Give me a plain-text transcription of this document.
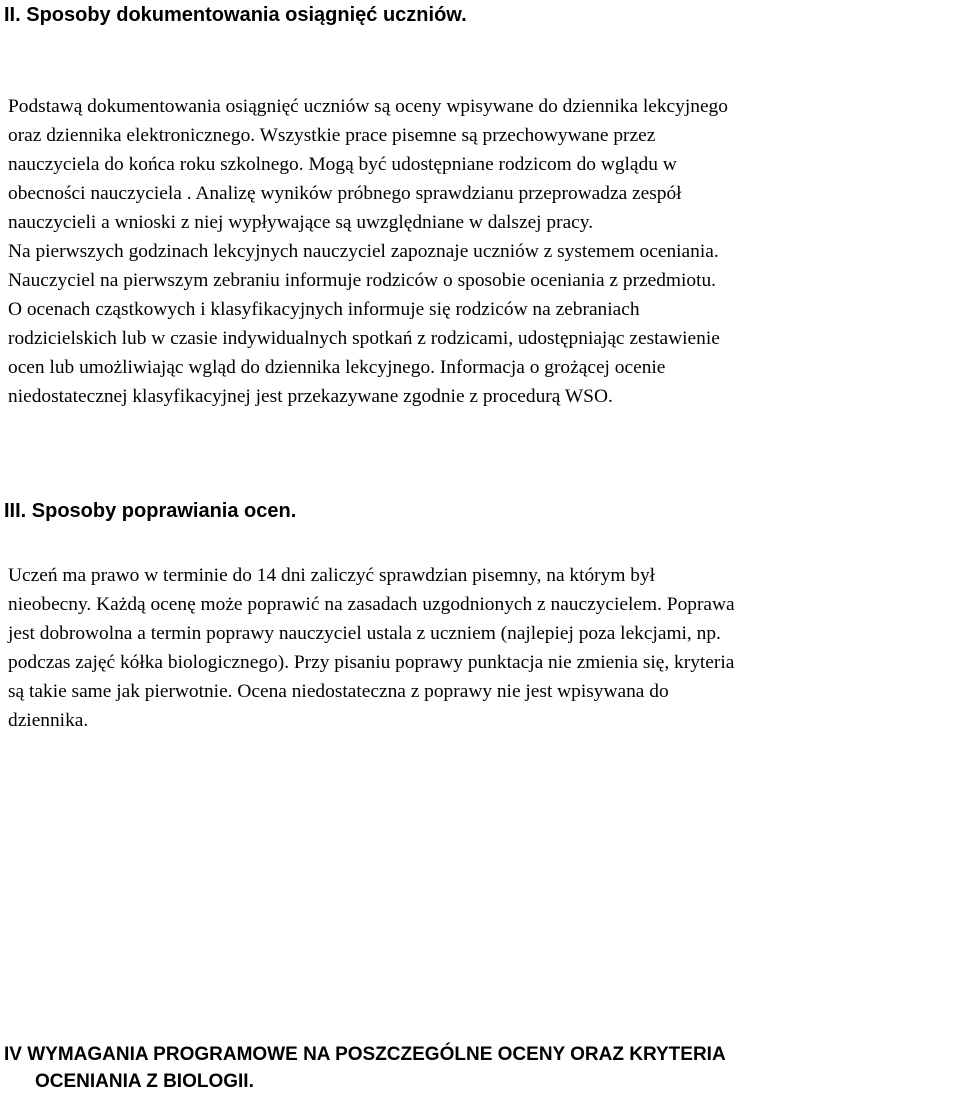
II. Sposoby dokumentowania osiągnięć uczniów.

Podstawą dokumentowania osiągnięć uczniów są oceny wpisywane do dziennika lekcyjnego
oraz dziennika elektronicznego. Wszystkie prace pisemne są przechowywane przez
nauczyciela do końca roku szkolnego. Mogą być udostępniane rodzicom do wglądu w
obecności nauczyciela . Analizę wyników próbnego sprawdzianu przeprowadza zespół
nauczycieli a wnioski z niej wypływające są uwzględniane w dalszej pracy.
Na pierwszych godzinach lekcyjnych nauczyciel zapoznaje uczniów z systemem oceniania.
Nauczyciel na pierwszym zebraniu informuje rodziców o sposobie oceniania z przedmiotu.
O ocenach cząstkowych i klasyfikacyjnych informuje się rodziców na zebraniach
rodzicielskich lub w czasie indywidualnych spotkań z rodzicami, udostępniając zestawienie
ocen lub umożliwiając wgląd do dziennika lekcyjnego. Informacja o grożącej ocenie
niedostatecznej klasyfikacyjnej jest przekazywane zgodnie z procedurą WSO.

III. Sposoby poprawiania ocen.

Uczeń ma prawo w terminie do 14 dni zaliczyć sprawdzian pisemny, na którym był
nieobecny. Każdą ocenę może poprawić na zasadach uzgodnionych z nauczycielem. Poprawa
jest dobrowolna a termin poprawy nauczyciel ustala z uczniem (najlepiej poza lekcjami, np.
podczas zajęć kółka biologicznego). Przy pisaniu poprawy punktacja nie zmienia się, kryteria
są takie same jak pierwotnie. Ocena niedostateczna z poprawy nie jest wpisywana do
dziennika.

IV WYMAGANIA PROGRAMOWE NA POSZCZEGÓLNE OCENY ORAZ KRYTERIA
OCENIANIA Z BIOLOGII.
